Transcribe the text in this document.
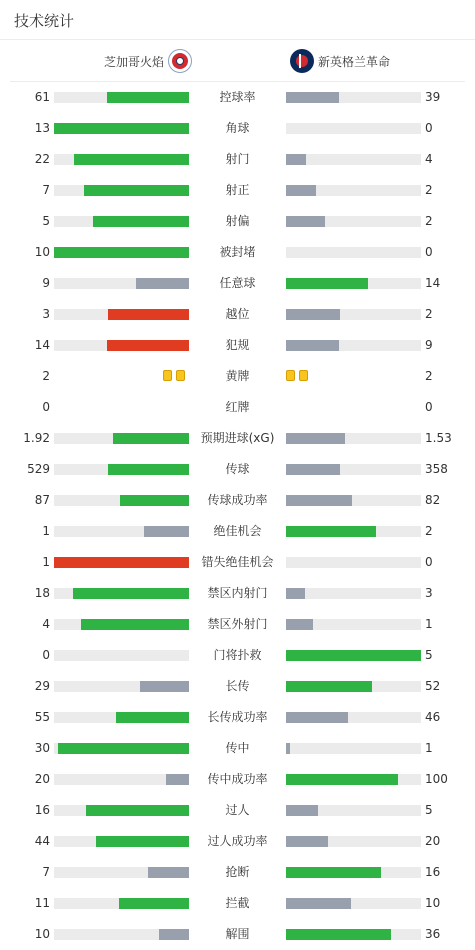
技术统计
芝加哥火焰	新英格兰革命
61	控球率	39
13	角球	0
22	射门	4
7	射正	2
5	射偏	2
10	被封堵	0
9	任意球	14
3	越位	2
14	犯规	9
2	黄牌	2
0	红牌	0
1.92	预期进球(xG)	1.53
529	传球	358
87	传球成功率	82
1	绝佳机会	2
1	错失绝佳机会	0
18	禁区内射门	3
4	禁区外射门	1
0	门将扑救	5
29	长传	52
55	长传成功率	46
30	传中	1
20	传中成功率	100
16	过人	5
44	过人成功率	20
7	抢断	16
11	拦截	10
10	解围	36
